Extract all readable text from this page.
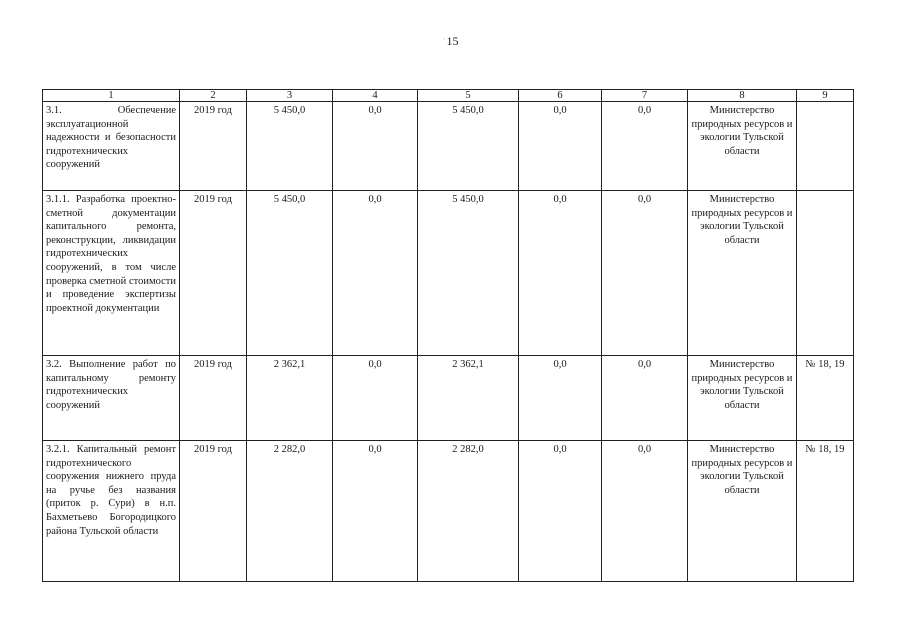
15
·
1	2	3	4	5	6	7	8	9
3.1. Обеспечение эксплуатационной надежности и безопасности гидротехнических сооружений	2019 год	5 450,0	0,0	5 450,0	0,0	0,0	Министерство природных ресурсов и экологии Тульской области	
3.1.1. Разработка проектно-сметной документации капитального ремонта, реконструкции, ликвидации гидротехнических сооружений, в том числе проверка сметной стоимости и проведение экспертизы проектной документации	2019 год	5 450,0	0,0	5 450,0	0,0	0,0	Министерство природных ресурсов и экологии Тульской области	
3.2. Выполнение работ по капитальному ремонту гидротехнических сооружений	2019 год	2 362,1	0,0	2 362,1	0,0	0,0	Министерство природных ресурсов и экологии Тульской области	№ 18, 19
3.2.1. Капитальный ремонт гидротехнического сооружения нижнего пруда на ручье без названия (приток р. Сури) в н.п. Бахметьево Богородицкого района Тульской области	2019 год	2 282,0	0,0	2 282,0	0,0	0,0	Министерство природных ресурсов и экологии Тульской области	№ 18, 19
